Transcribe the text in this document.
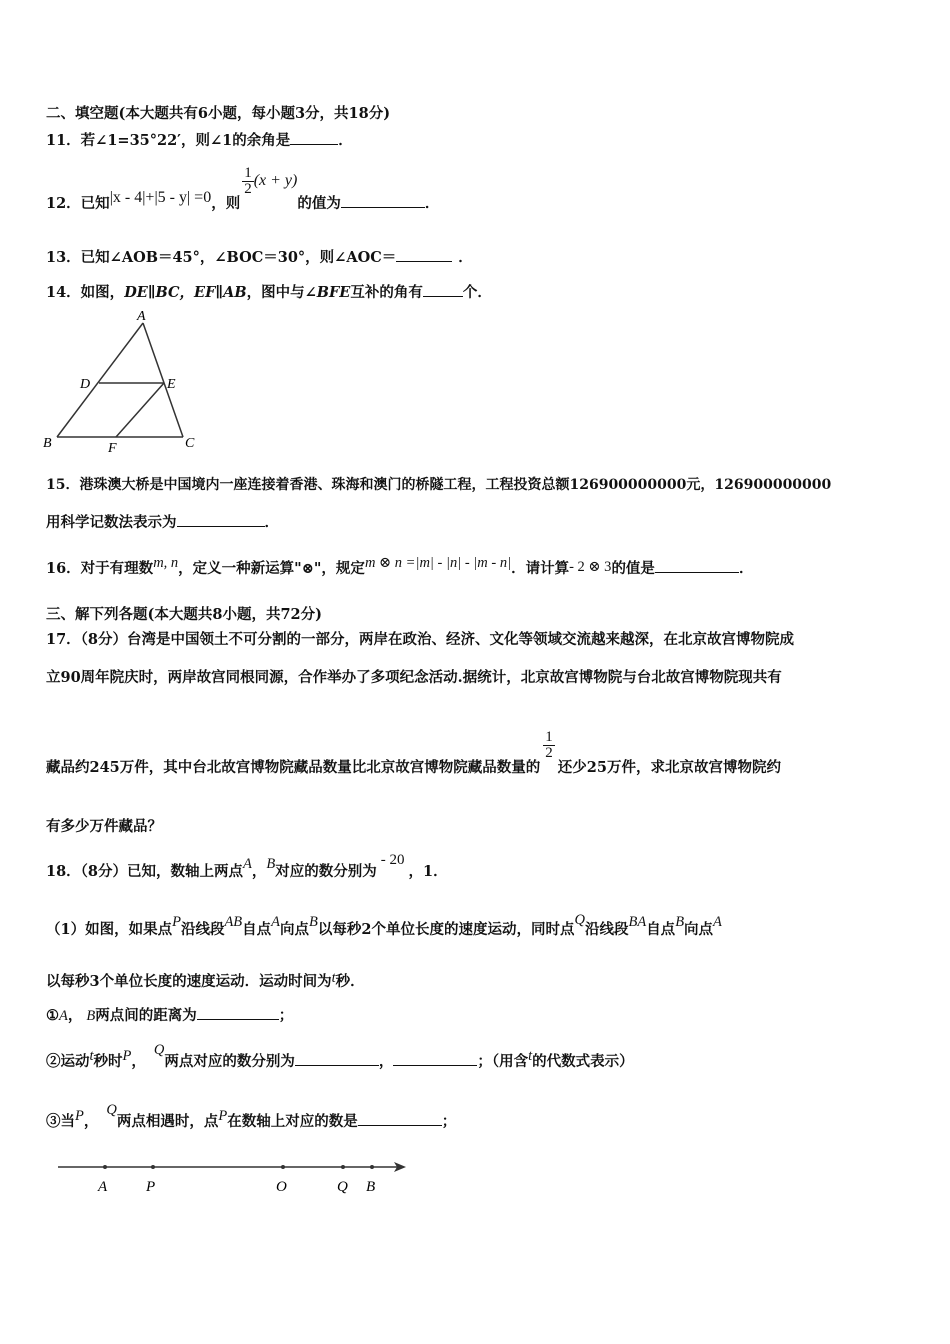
二、填空题(本大题共有6小题，每小题3分，共18分)
11．若∠1=35°22′，则∠1的余角是	．
12．已知|x - 4|+|5 - y| =0，则
$\frac{1}{2} (x + y)$的值为	．
13．已知∠AOB＝45°，∠BOC＝30°，则∠AOC＝	．
14．如图，DE∥BC，EF∥AB，图中与∠BFE互补的角有	个．
A
D	E
B	F	C
15．港珠澳大桥是中国境内一座连接着香港、珠海和澳门的桥隧工程，工程投资总额126900000000元，126900000000
用科学记数法表示为	．
16．对于有理数m, n，定义一种新运算"⊗"，规定m ⊗ n =|m| - |n| - |m - n|．请计算- 2 ⊗ 3的值是	．
三、解下列各题(本大题共8小题，共72分)
17．（8分）台湾是中国领土不可分割的一部分，两岸在政治、经济、文化等领域交流越来越深，在北京故宫博物院成
立90周年院庆时，两岸故宫同根同源，合作举办了多项纪念活动.据统计，北京故宫博物院与台北故宫博物院现共有
藏品约245万件，其中台北故宫博物院藏品数量比北京故宫博物院藏品数量的
$\frac{1}{2}$
还少25万件，求北京故宫博物院约
有多少万件藏品？
18．（8分）已知，数轴上两点A，B对应的数分别为- 20，1．
（1）如图，如果点P沿线段AB自点A向点B以每秒2个单位长度的速度运动，同时点Q沿线段BA自点B向点A
以每秒3个单位长度的速度运动．运动时间为t秒．
①A， B两点间的距离为	；
②运动t秒时P，Q两点对应的数分别为	，	；（用含t的代数式表示）
③当P，Q两点相遇时，点P在数轴上对应的数是	；
A	P	O	Q B
